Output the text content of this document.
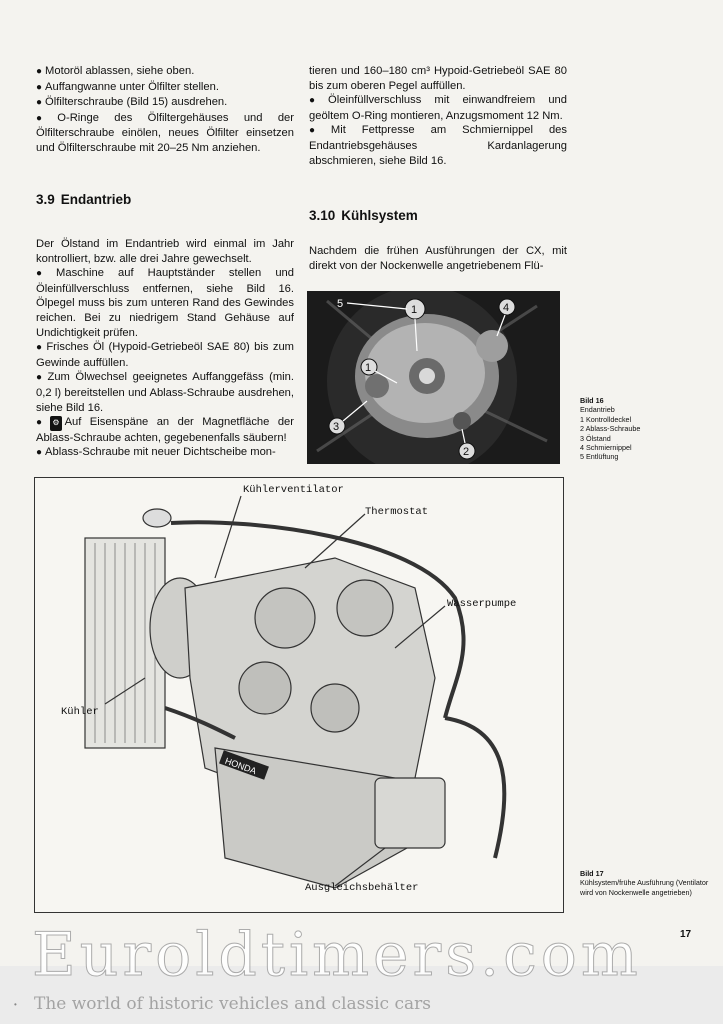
● Motoröl ablassen, siehe oben.
● Auffangwanne unter Ölfilter stellen.
● Ölfilterschraube (Bild 15) ausdrehen.
● O-Ringe des Ölfiltergehäuses und der Ölfilterschraube einölen, neues Ölfilter einsetzen und Ölfilterschraube mit 20–25 Nm anziehen.
3.9 Endantrieb

Der Ölstand im Endantrieb wird einmal im Jahr kontrolliert, bzw. alle drei Jahre gewechselt.

● Maschine auf Hauptständer stellen und Öleinfüllverschluss entfernen, siehe Bild 16. Ölpegel muss bis zum unteren Rand des Gewindes reichen. Bei zu niedrigem Stand Gehäuse auf Undichtigkeit prüfen.
● Frisches Öl (Hypoid-Getriebeöl SAE 80) bis zum Gewinde auffüllen.
● Zum Ölwechsel geeignetes Auffanggefäss (min. 0,2 l) bereitstellen und Ablass-Schraube ausdrehen, siehe Bild 16.
● ⚙ Auf Eisenspäne an der Magnetfläche der Ablass-Schraube achten, gegebenenfalls säubern!
● Ablass-Schraube mit neuer Dichtscheibe mon-

tieren und 160–180 cm³ Hypoid-Getriebeöl SAE 80 bis zum oberen Pegel auffüllen.

● Öleinfüllverschluss mit einwandfreiem und geöltem O-Ring montieren, Anzugsmoment 12 Nm.
● Mit Fettpresse am Schmiernippel des Endantriebsgehäuses Kardanlagerung abschmieren, siehe Bild 16.
3.10 Kühlsystem

Nachdem die frühen Ausführungen der CX, mit direkt von der Nockenwelle angetriebenem Flü-

5	1
1
3
4
2
Bild 16
Endantrieb
1 Kontrolldeckel
2 Ablass-Schraube
3 Ölstand
4 Schmiernippel
5 Entlüftung
HONDA
Kühlerventilator
Thermostat
Wasserpumpe
Kühler
Ausgleichsbehälter
Bild 17
Kühlsystem/frühe Ausführung (Ventilator wird von Nockenwelle angetrieben)
17
Euroldtimers.com
The world of historic vehicles and classic cars
•
